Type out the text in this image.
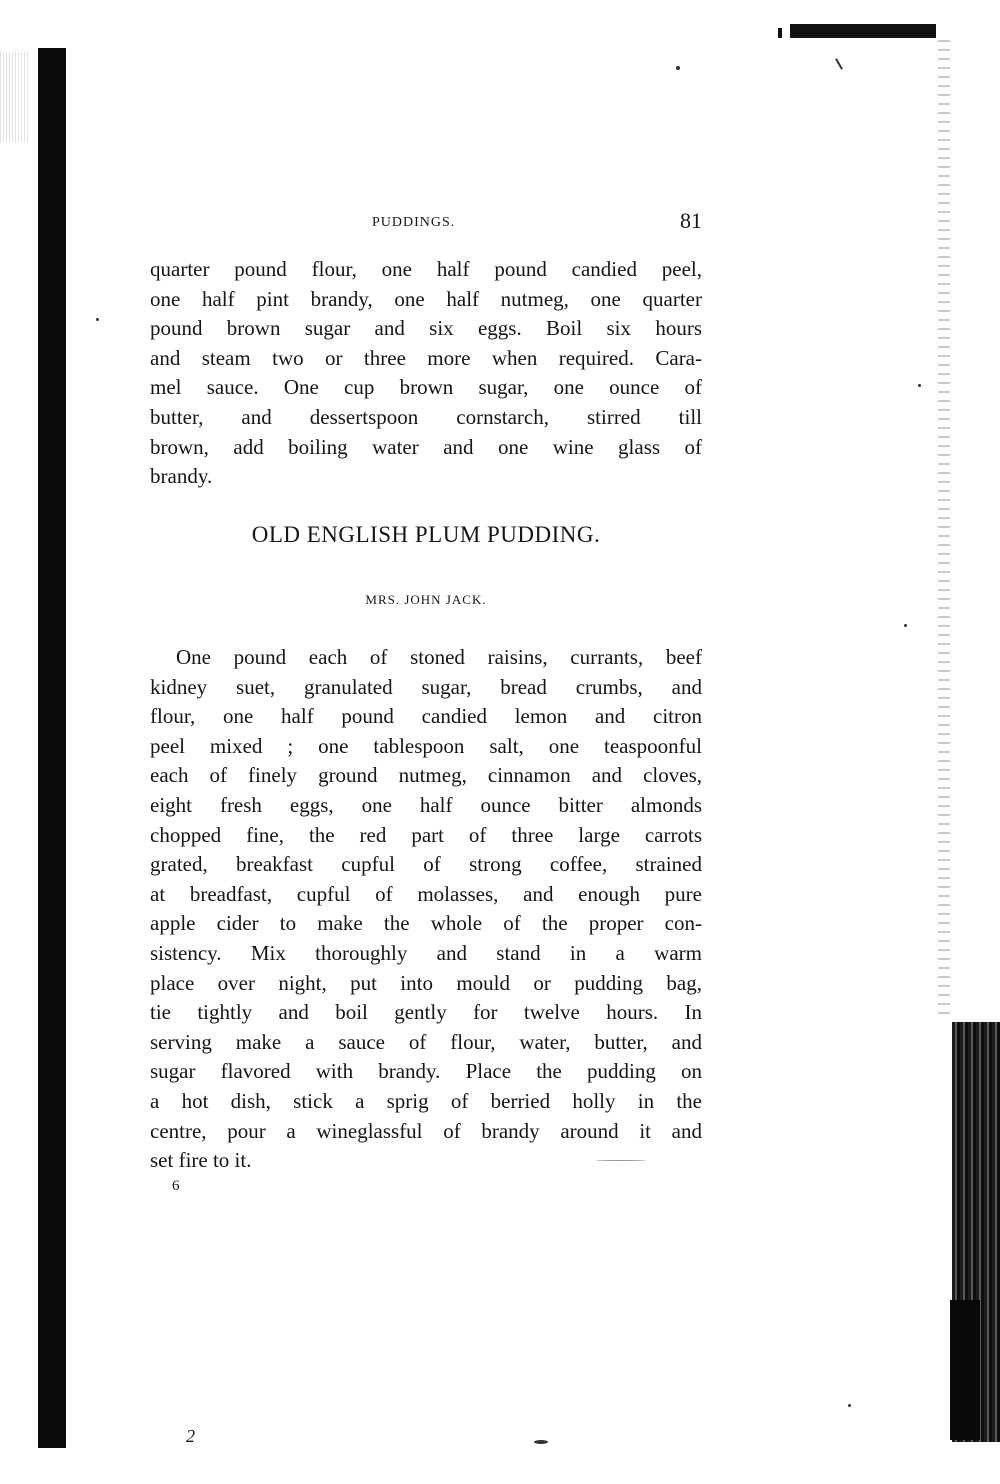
PUDDINGS.	81
quarter pound flour, one half pound candied peel,
one half pint brandy, one half nutmeg, one quarter
pound brown sugar and six eggs. Boil six hours
and steam two or three more when required. Cara-
mel sauce. One cup brown sugar, one ounce of
butter, and dessertspoon cornstarch, stirred till
brown, add boiling water and one wine glass of
brandy.
OLD ENGLISH PLUM PUDDING.
MRS. JOHN JACK.
One pound each of stoned raisins, currants, beef
kidney suet, granulated sugar, bread crumbs, and
flour, one half pound candied lemon and citron
peel mixed ; one tablespoon salt, one teaspoonful
each of finely ground nutmeg, cinnamon and cloves,
eight fresh eggs, one half ounce bitter almonds
chopped fine, the red part of three large carrots
grated, breakfast cupful of strong coffee, strained
at breadfast, cupful of molasses, and enough pure
apple cider to make the whole of the proper con-
sistency. Mix thoroughly and stand in a warm
place over night, put into mould or pudding bag,
tie tightly and boil gently for twelve hours. In
serving make a sauce of flour, water, butter, and
sugar flavored with brandy. Place the pudding on
a hot dish, stick a sprig of berried holly in the
centre, pour a wineglassful of brandy around it and
set fire to it.
6
2
